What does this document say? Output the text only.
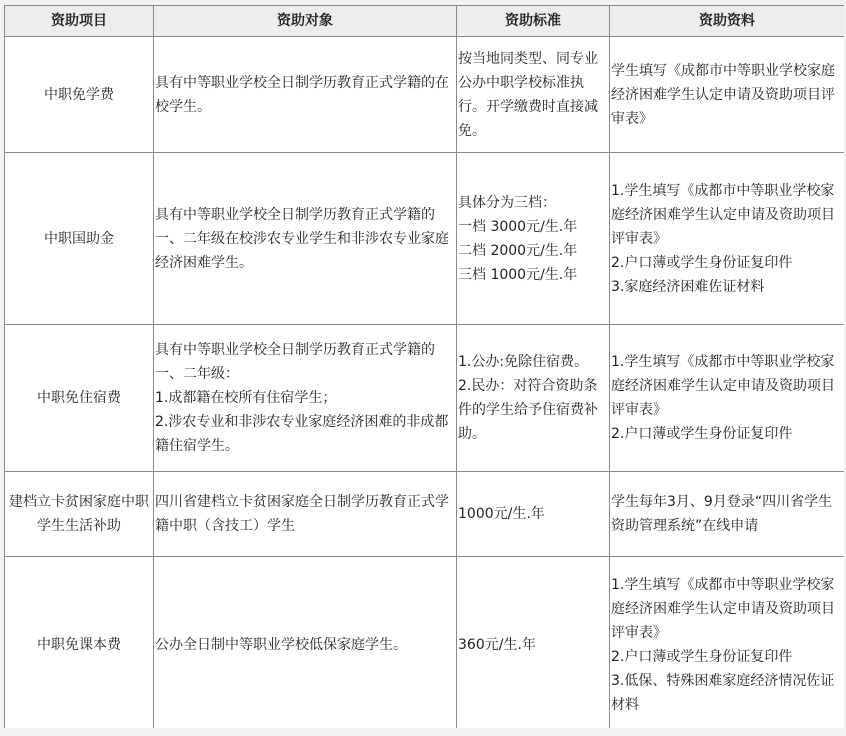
资助项目	资助对象	资助标准	资助资料

中职免学费	具有中等职业学校全日制学历教育正式学籍的在校学生。	按当地同类型、同专业公办中职学校标准执行。开学缴费时直接减免。	学生填写《成都市中等职业学校家庭经济困难学生认定申请及资助项目评审表》

中职国助金	具有中等职业学校全日制学历教育正式学籍的一、二年级在校涉农专业学生和非涉农专业家庭经济困难学生。	具体分为三档：
一档 3000元/生.年
二档 2000元/生.年
三档 1000元/生.年	1.学生填写《成都市中等职业学校家庭经济困难学生认定申请及资助项目评审表》
2.户口薄或学生身份证复印件
3.家庭经济困难佐证材料

中职免住宿费	具有中等职业学校全日制学历教育正式学籍的一、二年级：
1.成都籍在校所有住宿学生；
2.涉农专业和非涉农专业家庭经济困难的非成都籍住宿学生。	1.公办:免除住宿费。
2.民办：对符合资助条件的学生给予住宿费补助。	1.学生填写《成都市中等职业学校家庭经济困难学生认定申请及资助项目评审表》
2.户口薄或学生身份证复印件

建档立卡贫困家庭中职学生生活补助	四川省建档立卡贫困家庭全日制学历教育正式学籍中职（含技工）学生	1000元/生.年	学生每年3月、9月登录“四川省学生资助管理系统”在线申请

中职免课本费	公办全日制中等职业学校低保家庭学生。	360元/生.年	1.学生填写《成都市中等职业学校家庭经济困难学生认定申请及资助项目评审表》
2.户口薄或学生身份证复印件
3.低保、特殊困难家庭经济情况佐证材料
